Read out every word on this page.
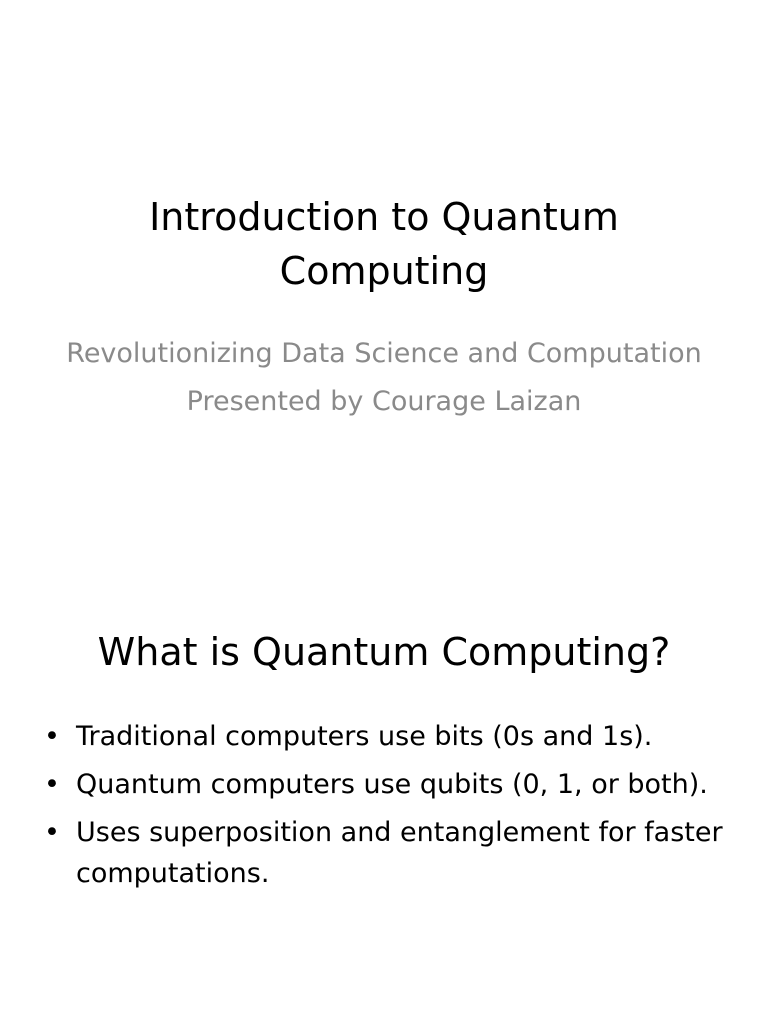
Introduction to Quantum Computing
Revolutionizing Data Science and Computation
Presented by Courage Laizan
What is Quantum Computing?
• Traditional computers use bits (0s and 1s).
• Quantum computers use qubits (0, 1, or both).
• Uses superposition and entanglement for faster computations.
